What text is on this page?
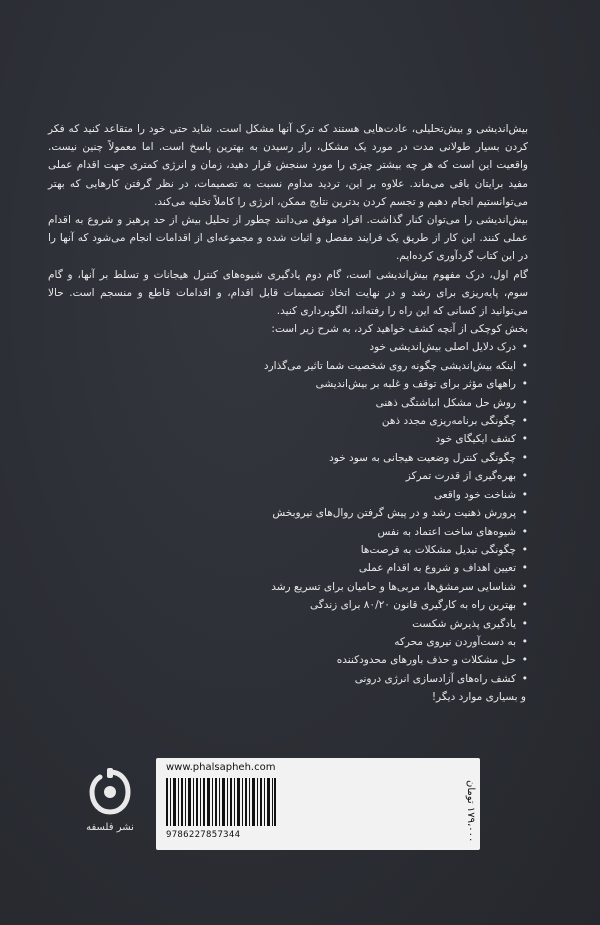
بیش‌اندیشی و بیش‌تحلیلی، عادت‌هایی هستند که ترک آنها مشکل است. شاید حتی خود را متقاعد کنید که فکر کردن بسیار طولانی مدت در مورد یک مشکل، راز رسیدن به بهترین پاسخ است. اما معمولاً چنین نیست. واقعیت این است که هر چه بیشتر چیزی را مورد سنجش قرار دهید، زمان و انرژی کمتری جهت اقدام عملی مفید برایتان باقی می‌ماند. علاوه بر این، تردید مداوم نسبت به تصمیمات، در نظر گرفتن کارهایی که بهتر می‌توانستیم انجام دهیم و تجسم کردن بدترین نتایج ممکن، انرژی را کاملاً تخلیه می‌کند.

بیش‌اندیشی را می‌توان کنار گذاشت. افراد موفق می‌دانند چطور از تحلیل بیش از حد پرهیز و شروع به اقدام عملی کنند. این کار از طریق یک فرایند مفصل و اثبات شده و مجموعه‌ای از اقدامات انجام می‌شود که آنها را در این کتاب گردآوری کرده‌ایم.

گام اول، درک مفهوم بیش‌اندیشی است، گام دوم یادگیری شیوه‌های کنترل هیجانات و تسلط بر آنها، و گام سوم، پایه‌ریزی برای رشد و در نهایت اتخاذ تصمیمات قابل اقدام، و اقدامات قاطع و منسجم است. حالا می‌توانید از کسانی که این راه را رفته‌اند، الگوبرداری کنید.

بخش کوچکی از آنچه کشف خواهید کرد، به شرح زیر است:

• درک دلایل اصلی بیش‌اندیشی خود
• اینکه بیش‌اندیشی چگونه روی شخصیت شما تاثیر می‌گذارد
• راههای مؤثر برای توقف و غلبه بر بیش‌اندیشی
• روش حل مشکل انباشتگی ذهنی
• چگونگی برنامه‌ریزی مجدد ذهن
• کشف ایکیگای خود
• چگونگی کنترل وضعیت هیجانی به سود خود
• بهره‌گیری از قدرت تمرکز
• شناخت خود واقعی
• پرورش ذهنیت رشد و در پیش گرفتن روال‌های نیروبخش
• شیوه‌های ساخت اعتماد به نفس
• چگونگی تبدیل مشکلات به فرصت‌ها
• تعیین اهداف و شروع به اقدام عملی
• شناسایی سرمشق‌ها، مربی‌ها و حامیان برای تسریع رشد
• بهترین راه به کارگیری قانون ۸۰/۲۰ برای زندگی
• یادگیری پذیرش شکست
• به دست‌آوردن نیروی محرکه
• حل مشکلات و حذف باورهای محدودکننده
• کشف راه‌های آزادسازی انرژی درونی

و بسیاری موارد دیگر!

نشر فلسفه
www.phalsapheh.com
9786227857344
۱۷۹،۰۰۰ تومان
